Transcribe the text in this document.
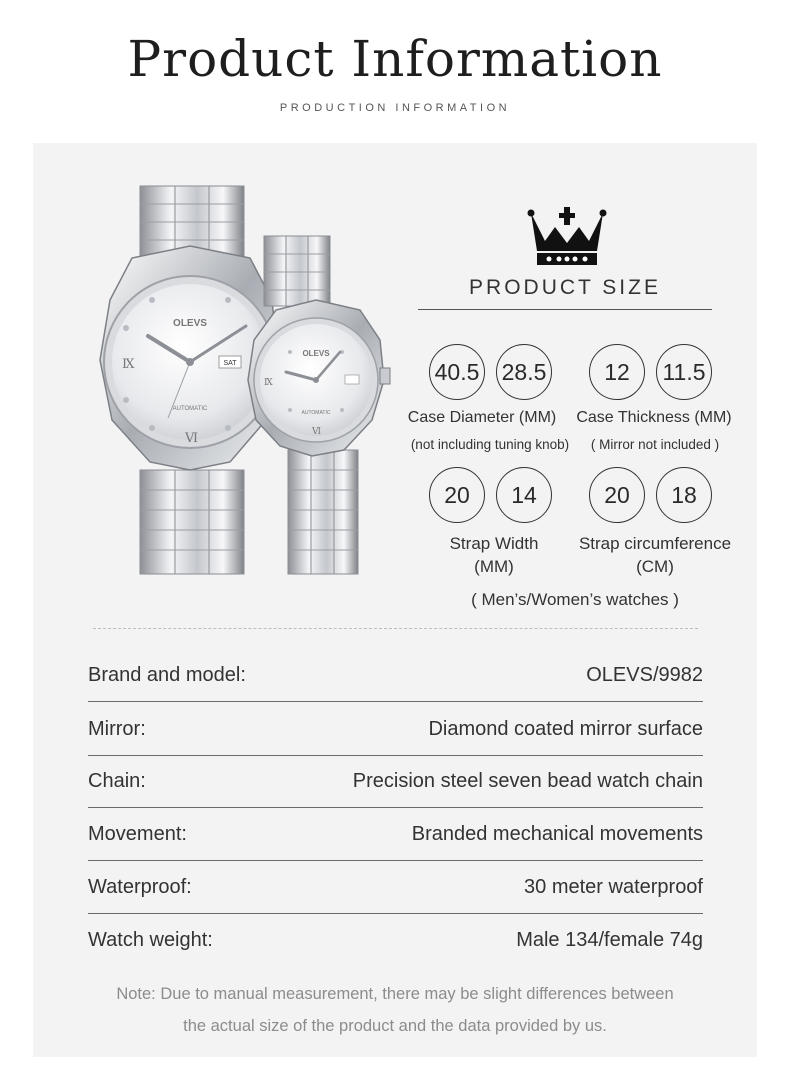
Product Information
PRODUCTION INFORMATION
OLEVS
AUTOMATIC
SAT
Ⅸ
Ⅵ
OLEVS
AUTOMATIC
Ⅸ
Ⅵ
PRODUCT SIZE
40.5 28.5	12	11.5
Case Diameter (MM)	Case Thickness (MM)
(not including tuning knob)	( Mirror not included )
20	14	20	18
Strap Width
(MM)
Strap circumference
(CM)
( Men’s/Women’s watches )
Brand and model:	OLEVS/9982
Mirror:	Diamond coated mirror surface
Chain:	Precision steel seven bead watch chain
Movement:	Branded mechanical movements
Waterproof:	30 meter waterproof
Watch weight:	Male 134/female 74g
Note: Due to manual measurement, there may be slight differences between
the actual size of the product and the data provided by us.
